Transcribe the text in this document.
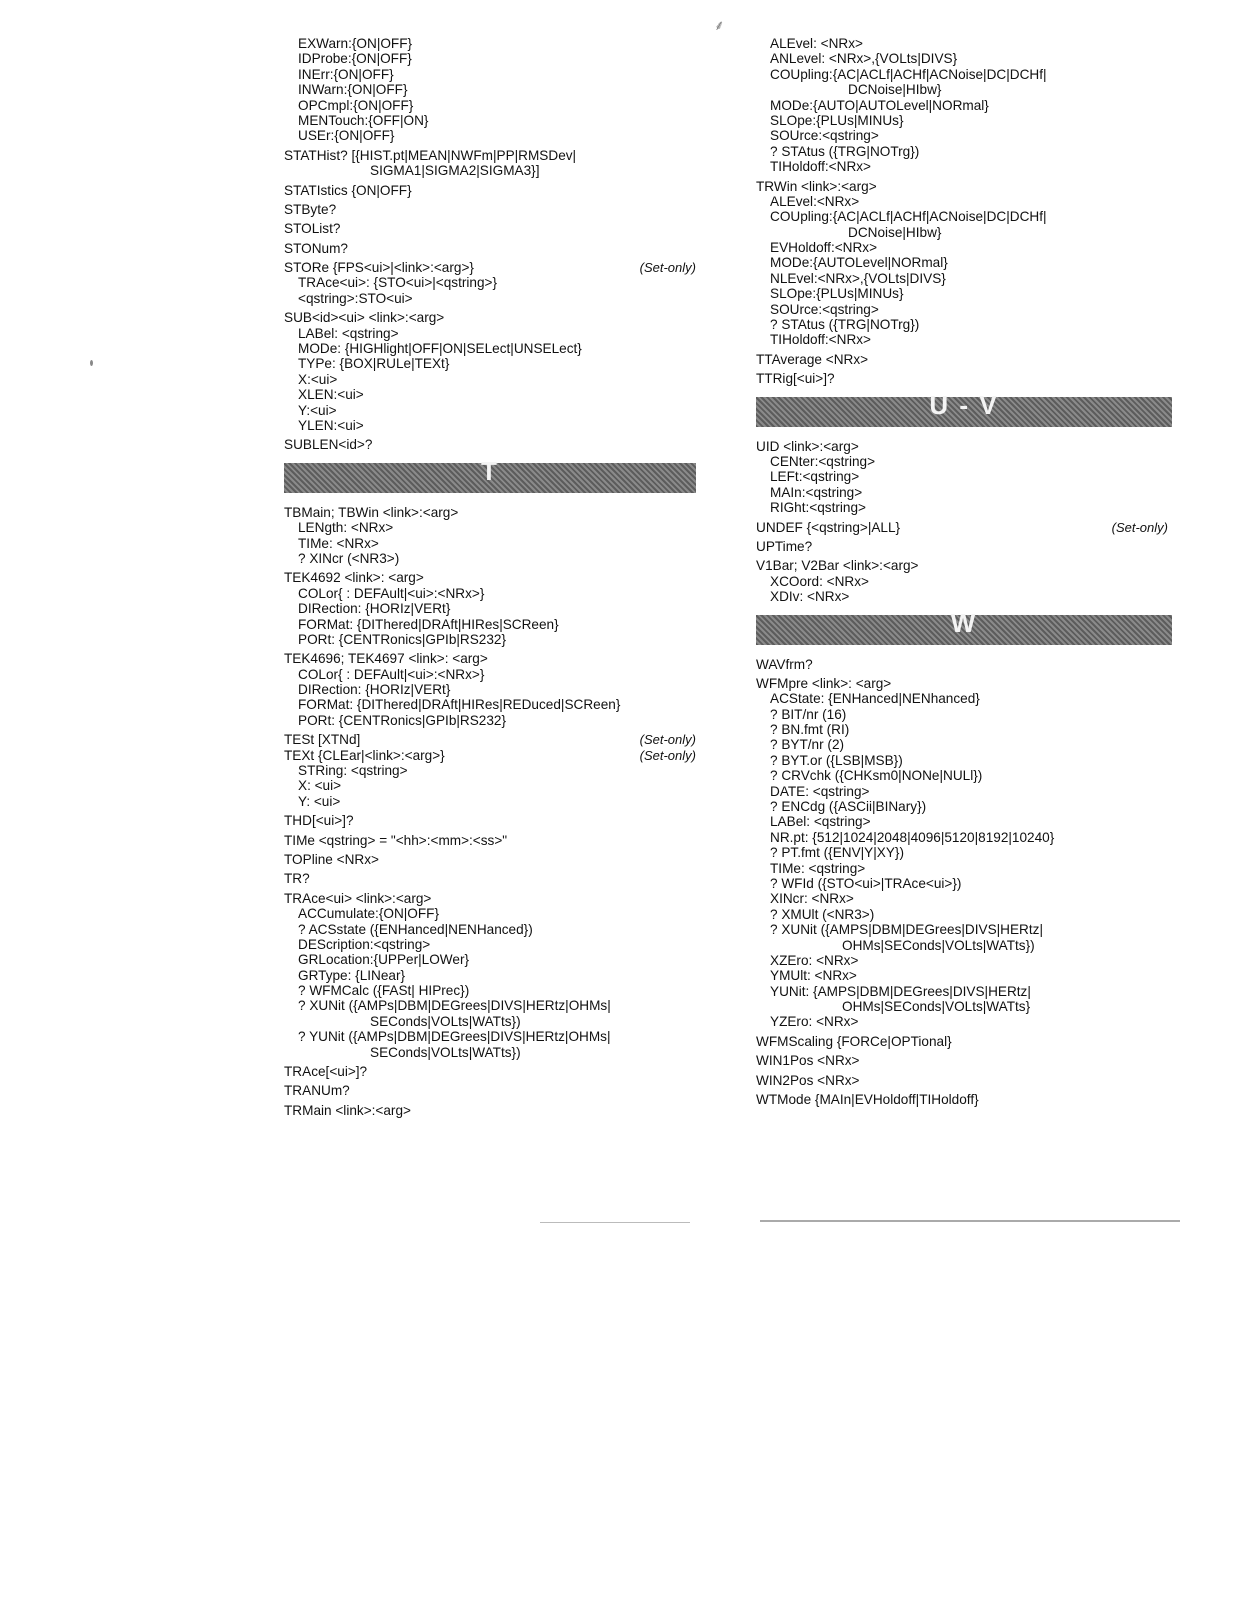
EXWarn:{ON|OFF}
IDProbe:{ON|OFF}
INErr:{ON|OFF}
INWarn:{ON|OFF}
OPCmpl:{ON|OFF}
MENTouch:{OFF|ON}
USEr:{ON|OFF}
STATHist? [{HIST.pt|MEAN|NWFm|PP|RMSDev|
SIGMA1|SIGMA2|SIGMA3}]
STATIstics {ON|OFF}
STByte?
STOList?
STONum?
STORe {FPS<ui>|<link>:<arg>}	(Set-only)
TRAce<ui>: {STO<ui>|<qstring>}
<qstring>:STO<ui>
SUB<id><ui> <link>:<arg>
LABel: <qstring>
MODe: {HIGHlight|OFF|ON|SELect|UNSELect}
TYPe: {BOX|RULe|TEXt}
X:<ui>
XLEN:<ui>
Y:<ui>
YLEN:<ui>
SUBLEN<id>?
T
TBMain; TBWin <link>:<arg>
LENgth: <NRx>
TIMe: <NRx>
? XINcr (<NR3>)
TEK4692 <link>: <arg>
COLor{ : DEFAult|<ui>:<NRx>}
DIRection: {HORIz|VERt}
FORMat: {DIThered|DRAft|HIRes|SCReen}
PORt: {CENTRonics|GPIb|RS232}
TEK4696; TEK4697 <link>: <arg>
COLor{ : DEFAult|<ui>:<NRx>}
DIRection: {HORIz|VERt}
FORMat: {DIThered|DRAft|HIRes|REDuced|SCReen}
PORt: {CENTRonics|GPIb|RS232}
TESt [XTNd]	(Set-only)
TEXt {CLEar|<link>:<arg>}	(Set-only)
STRing: <qstring>
X: <ui>
Y: <ui>
THD[<ui>]?
TIMe <qstring> = "<hh>:<mm>:<ss>"
TOPline <NRx>
TR?
TRAce<ui> <link>:<arg>
ACCumulate:{ON|OFF}
? ACSstate ({ENHanced|NENHanced})
DEScription:<qstring>
GRLocation:{UPPer|LOWer}
GRType: {LINear}
? WFMCalc ({FASt| HIPrec})
? XUNit ({AMPs|DBM|DEGrees|DIVS|HERtz|OHMs|
SEConds|VOLts|WATts})
? YUNit ({AMPs|DBM|DEGrees|DIVS|HERtz|OHMs|
SEConds|VOLts|WATts})
TRAce[<ui>]?
TRANUm?
TRMain <link>:<arg>
ALEvel: <NRx>
ANLevel: <NRx>,{VOLts|DIVS}
COUpling:{AC|ACLf|ACHf|ACNoise|DC|DCHf|
DCNoise|HIbw}
MODe:{AUTO|AUTOLevel|NORmal}
SLOpe:{PLUs|MINUs}
SOUrce:<qstring>
? STAtus ({TRG|NOTrg})
TIHoldoff:<NRx>
TRWin <link>:<arg>
ALEvel:<NRx>
COUpling:{AC|ACLf|ACHf|ACNoise|DC|DCHf|
DCNoise|HIbw}
EVHoldoff:<NRx>
MODe:{AUTOLevel|NORmal}
NLEvel:<NRx>,{VOLts|DIVS}
SLOpe:{PLUs|MINUs}
SOUrce:<qstring>
? STAtus ({TRG|NOTrg})
TIHoldoff:<NRx>
TTAverage <NRx>
TTRig[<ui>]?
U - V
UID <link>:<arg>
CENter:<qstring>
LEFt:<qstring>
MAIn:<qstring>
RIGht:<qstring>
UNDEF {<qstring>|ALL}	(Set-only)
UPTime?
V1Bar; V2Bar <link>:<arg>
XCOord: <NRx>
XDIv: <NRx>
W
WAVfrm?
WFMpre <link>: <arg>
ACState: {ENHanced|NENhanced}
? BIT/nr (16)
? BN.fmt (RI)
? BYT/nr (2)
? BYT.or ({LSB|MSB})
? CRVchk ({CHKsm0|NONe|NULl})
DATE: <qstring>
? ENCdg ({ASCii|BINary})
LABel: <qstring>
NR.pt: {512|1024|2048|4096|5120|8192|10240}
? PT.fmt ({ENV|Y|XY})
TIMe: <qstring>
? WFId ({STO<ui>|TRAce<ui>})
XINcr: <NRx>
? XMUlt (<NR3>)
? XUNit ({AMPS|DBM|DEGrees|DIVS|HERtz|
OHMs|SEConds|VOLts|WATts})
XZEro: <NRx>
YMUlt: <NRx>
YUNit: {AMPS|DBM|DEGrees|DIVS|HERtz|
OHMs|SEConds|VOLts|WATts}
YZEro: <NRx>
WFMScaling {FORCe|OPTional}
WIN1Pos <NRx>
WIN2Pos <NRx>
WTMode {MAIn|EVHoldoff|TIHoldoff}
⸙
